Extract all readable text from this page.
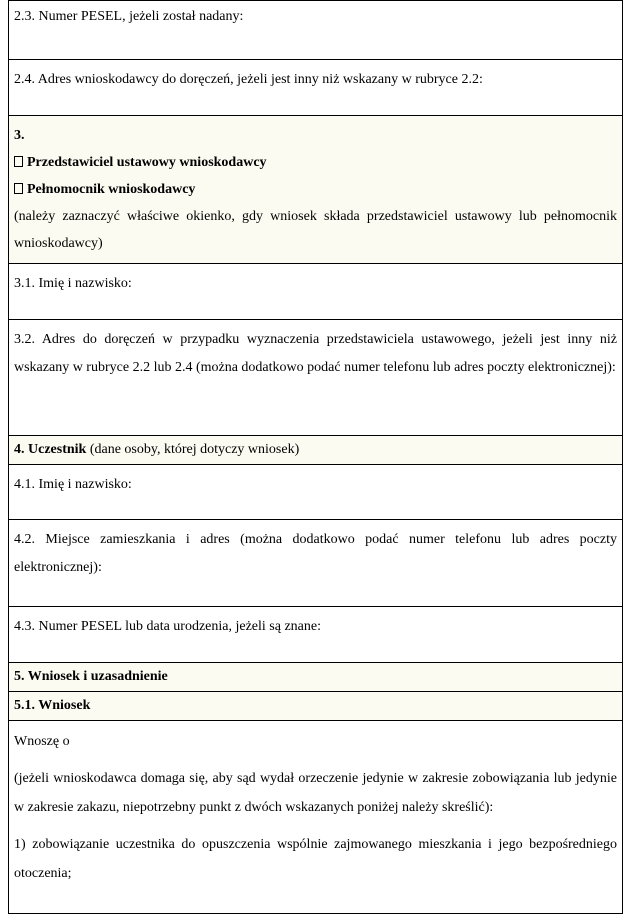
2.3. Numer PESEL, jeżeli został nadany:
2.4. Adres wnioskodawcy do doręczeń, jeżeli jest inny niż wskazany w rubryce 2.2:

3.
Przedstawiciel ustawowy wnioskodawcy
Pełnomocnik wnioskodawcy
(należy zaznaczyć właściwe okienko, gdy wniosek składa przedstawiciel ustawowy lub pełnomocnik wnioskodawcy)

3.1. Imię i nazwisko:
3.2. Adres do doręczeń w przypadku wyznaczenia przedstawiciela ustawowego, jeżeli jest inny niż wskazany w rubryce 2.2 lub 2.4 (można dodatkowo podać numer telefonu lub adres poczty elektronicznej):
4. Uczestnik (dane osoby, której dotyczy wniosek)
4.1. Imię i nazwisko:
4.2. Miejsce zamieszkania i adres (można dodatkowo podać numer telefonu lub adres poczty elektronicznej):
4.3. Numer PESEL lub data urodzenia, jeżeli są znane:
5. Wniosek i uzasadnienie
5.1. Wniosek

Wnoszę o

(jeżeli wnioskodawca domaga się, aby sąd wydał orzeczenie jedynie w zakresie zobowiązania lub jedynie w zakresie zakazu, niepotrzebny punkt z dwóch wskazanych poniżej należy skreślić):

1) zobowiązanie uczestnika do opuszczenia wspólnie zajmowanego mieszkania i jego bezpośredniego otoczenia;
